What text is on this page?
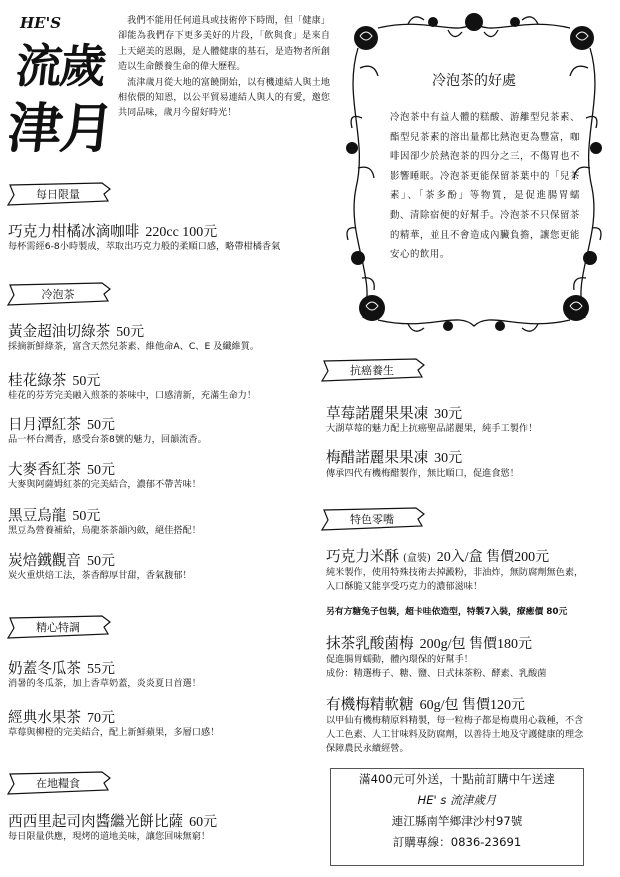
HE'S
流歲
津月

我們不能用任何道具或技術停下時間，但「健康」卻能為我們存下更多美好的片段，「飲與食」是來自上天絕美的恩賜，是人體健康的基石，是造物者所創造以生命餵養生命的偉大歷程。

流津歲月從大地的富饒開始，以有機連結人與土地相依偎的知恩，以公平貿易連結人與人的有愛，邀您共同品味，歲月今留好時光！

冷泡茶的好處
冷泡茶中有益人體的糕酸、游離型兒茶素、酯型兒茶素的溶出量都比熱泡更為豐富，咖啡因卻少於熱泡茶的四分之三，不傷胃也不影響睡眠。冷泡茶更能保留茶葉中的「兒茶素」、「茶多酚」等物質，是促進腸胃蠕動、清除宿便的好幫手。冷泡茶不只保留茶的精華，並且不會造成內臟負擔，讓您更能安心的飲用。
每日限量
冷泡茶
抗癌養生
特色零嘴
精心特調
在地糧食
巧克力柑橘冰滴咖啡 220cc 100元
每杯需經6-8小時製成，萃取出巧克力般的柔順口感，略帶柑橘香氣
黃金超油切綠茶 50元
採摘新鮮綠茶，富含天然兒茶素、維他命A、C、E 及纖維質。
桂花綠茶 50元
桂花的芬芳完美融入煎茶的茶味中，口感清新，充滿生命力！
日月潭紅茶 50元
品一杯台灣香，感受台茶8號的魅力，回韻流香。
大麥香紅茶 50元
大麥與阿薩姆紅茶的完美結合，濃郁不帶苦味！
黑豆烏龍 50元
黑豆為營養補給，烏龍茶茶韻內斂，絕佳搭配！
炭焙鐵觀音 50元
炭火重烘焙工法，茶香醇厚甘甜，香氣馥郁！
奶蓋冬瓜茶 55元
消暑的冬瓜茶，加上香草奶蓋，炎炎夏日首選！
經典水果茶 70元
草莓與柳橙的完美結合，配上新鮮蘋果，多層口感！
西西里起司肉醬繼光餅比薩 60元
每日限量供應，現烤的道地美味，讓您回味無窮！
草莓諾麗果果凍 30元
大湖草莓的魅力配上抗癌聖品諾麗果，純手工製作！
梅醋諾麗果果凍 30元
傳承四代有機梅醋製作，無比順口，促進食慾！
巧克力米酥 (盒裝) 20入/盒 售價200元
純米製作，使用特殊技術去掉澱粉，非油炸，無防腐劑無色素，
入口酥脆又能享受巧克力的濃郁滋味！
另有方糖兔子包裝，超卡哇依造型，特製7入裝，療癒價 80元
抹茶乳酸菌梅 200g/包 售價180元
促進腸胃蠕動，體內環保的好幫手！
成份：精選梅子、糖、鹽、日式抹茶粉、酵素、乳酸菌
有機梅精軟糖 60g/包 售價120元
以甲仙有機梅精原料精製，每一粒梅子都是梅農用心栽種，不含
人工色素、人工甘味料及防腐劑，以善待土地及守護健康的理念
保障農民永續經營。
滿400元可外送，十點前訂購中午送達
HE' s 流津歲月
連江縣南竿鄉津沙村97號
訂購專線：0836-23691
